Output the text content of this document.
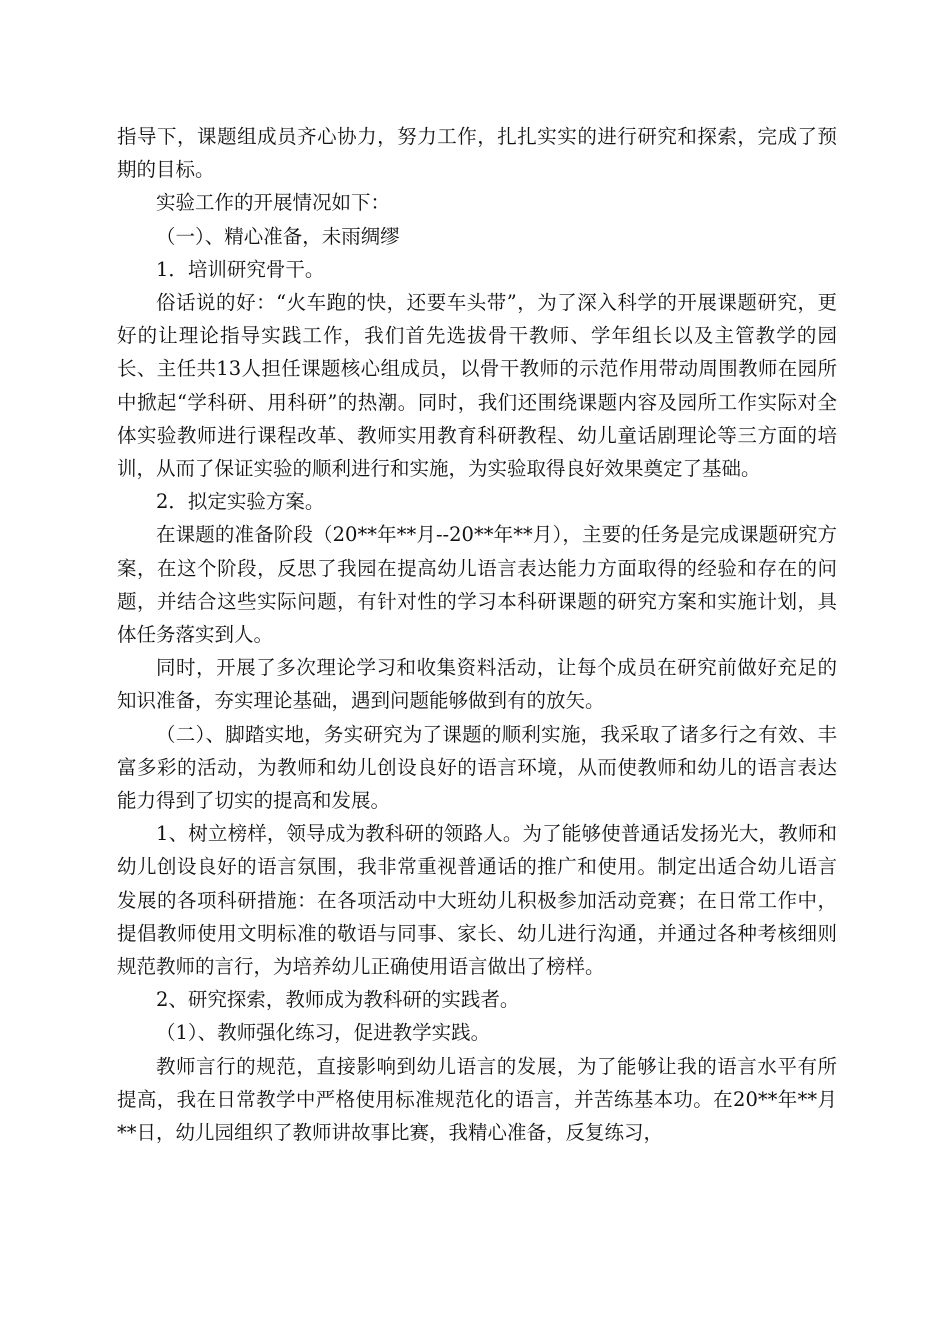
指导下，课题组成员齐心协力，努力工作，扎扎实实的进行研究和探索，完成了预期的目标。

实验工作的开展情况如下：

（一）、精心准备，未雨绸缪

1．培训研究骨干。

俗话说的好：“火车跑的快，还要车头带”，为了深入科学的开展课题研究，更好的让理论指导实践工作，我们首先选拔骨干教师、学年组长以及主管教学的园长、主任共13人担任课题核心组成员，以骨干教师的示范作用带动周围教师在园所中掀起“学科研、用科研”的热潮。同时，我们还围绕课题内容及园所工作实际对全体实验教师进行课程改革、教师实用教育科研教程、幼儿童话剧理论等三方面的培训，从而了保证实验的顺利进行和实施，为实验取得良好效果奠定了基础。

2．拟定实验方案。

在课题的准备阶段（20**年**月--20**年**月），主要的任务是完成课题研究方案，在这个阶段，反思了我园在提高幼儿语言表达能力方面取得的经验和存在的问题，并结合这些实际问题，有针对性的学习本科研课题的研究方案和实施计划，具体任务落实到人。

同时，开展了多次理论学习和收集资料活动，让每个成员在研究前做好充足的知识准备，夯实理论基础，遇到问题能够做到有的放矢。

（二）、脚踏实地，务实研究为了课题的顺利实施，我采取了诸多行之有效、丰富多彩的活动，为教师和幼儿创设良好的语言环境，从而使教师和幼儿的语言表达能力得到了切实的提高和发展。

1、树立榜样，领导成为教科研的领路人。为了能够使普通话发扬光大，教师和幼儿创设良好的语言氛围，我非常重视普通话的推广和使用。制定出适合幼儿语言发展的各项科研措施：在各项活动中大班幼儿积极参加活动竞赛；在日常工作中，提倡教师使用文明标准的敬语与同事、家长、幼儿进行沟通，并通过各种考核细则规范教师的言行，为培养幼儿正确使用语言做出了榜样。

2、研究探索，教师成为教科研的实践者。

（1）、教师强化练习，促进教学实践。

教师言行的规范，直接影响到幼儿语言的发展，为了能够让我的语言水平有所提高，我在日常教学中严格使用标准规范化的语言，并苦练基本功。在20**年**月**日，幼儿园组织了教师讲故事比赛，我精心准备，反复练习，
